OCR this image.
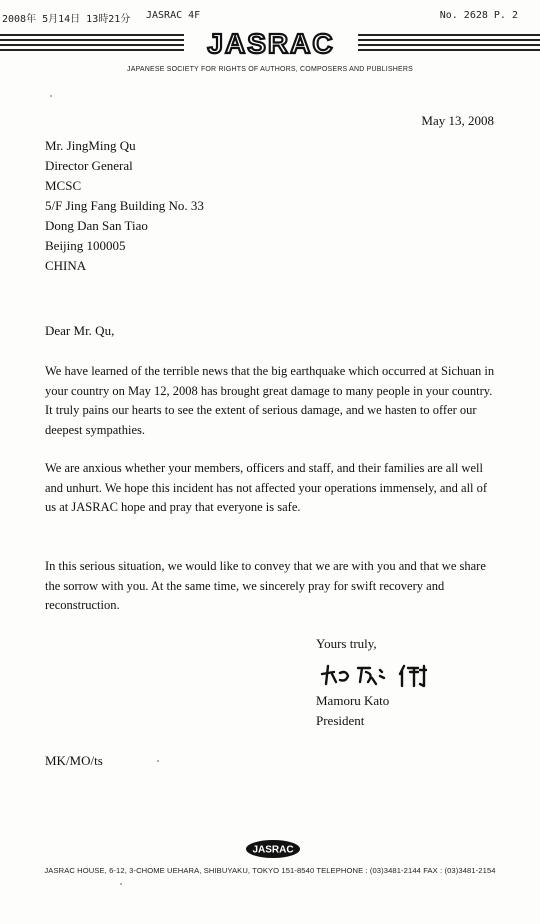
2008年 5月14日 13時21分 JASRAC 4F	No. 2628 P. 2
JASRAC
JAPANESE SOCIETY FOR RIGHTS OF AUTHORS, COMPOSERS AND PUBLISHERS
May 13, 2008
Mr. JingMing Qu
Director General
MCSC
5/F Jing Fang Building No. 33
Dong Dan San Tiao
Beijing 100005
CHINA
Dear Mr. Qu,
We have learned of the terrible news that the big earthquake which occurred at Sichuan in your country on May 12, 2008 has brought great damage to many people in your country. It truly pains our hearts to see the extent of serious damage, and we hasten to offer our deepest sympathies.
We are anxious whether your members, officers and staff, and their families are all well and unhurt. We hope this incident has not affected your operations immensely, and all of us at JASRAC hope and pray that everyone is safe.
In this serious situation, we would like to convey that we are with you and that we share the sorrow with you. At the same time, we sincerely pray for swift recovery and reconstruction.
Yours truly,
Mamoru Kato
President
MK/MO/ts
JASRAC
JASRAC HOUSE, 6-12, 3-CHOME UEHARA, SHIBUYAKU, TOKYO 151-8540 TELEPHONE : (03)3481-2144 FAX : (03)3481-2154
